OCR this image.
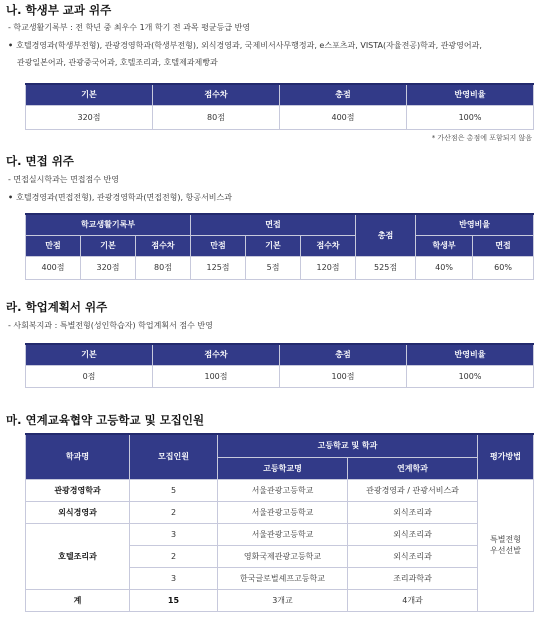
나. 학생부 교과 위주
- 학교생활기록부 : 전 학년 중 최우수 1개 학기 전 과목 평균등급 반영
• 호텔경영과(학생부전형), 관광경영학과(학생부전형), 외식경영과, 국제비서사무행정과, e스포츠과, VISTA(자율전공)학과, 관광영어과,
관광일본어과, 관광중국어과, 호텔조리과, 호텔제과제빵과
기본	점수차	총점	반영비율
320점	80점	400점	100%
* 가산점은 총점에 포함되지 않음
다. 면접 위주
- 면접실시학과는 면접점수 반영
• 호텔경영과(면접전형), 관광경영학과(면접전형), 항공서비스과
학교생활기록부			면접			총점	반영비율	
만점	기본	점수차	만점	기본	점수차		학생부	면접
400점	320점	80점	125점	5점	120점	525점	40%	60%
라. 학업계획서 위주
- 사회복지과 : 특별전형(성인학습자) 학업계획서 점수 반영
기본	점수차	총점	반영비율
0점	100점	100점	100%
마. 연계교육협약 고등학교 및 모집인원
학과명	모집인원	고등학교 및 학과		평가방법
		고등학교명	연계학과	
관광경영학과	5	서울관광고등학교	관광경영과 / 관광서비스과	특별전형
우선선발

외식경영과	2	서울관광고등학교	외식조리과	
호텔조리과	3	서울관광고등학교	외식조리과	
	2	영화국제관광고등학교	외식조리과	
	3	한국글로벌셰프고등학교	조리과학과	
계	15	3개교	4개과	
